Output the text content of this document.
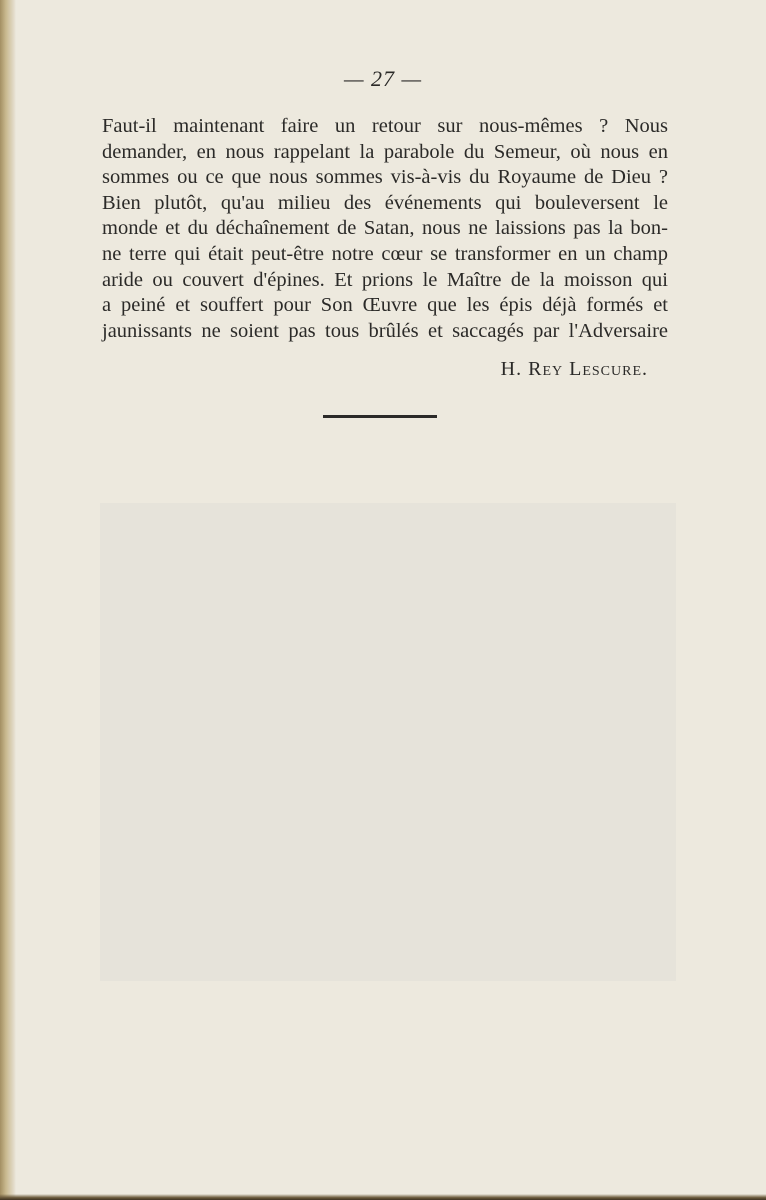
— 27 —
Faut-il maintenant faire un retour sur nous-mêmes ? Nous
demander, en nous rappelant la parabole du Semeur, où nous en
sommes ou ce que nous sommes vis-à-vis du Royaume de Dieu ?
Bien plutôt, qu'au milieu des événements qui bouleversent le
monde et du déchaînement de Satan, nous ne laissions pas la bon-
ne terre qui était peut-être notre cœur se transformer en un champ
aride ou couvert d'épines. Et prions le Maître de la moisson qui
a peiné et souffert pour Son Œuvre que les épis déjà formés et
jaunissants ne soient pas tous brûlés et saccagés par l'Adversaire
H. Rey Lescure.
